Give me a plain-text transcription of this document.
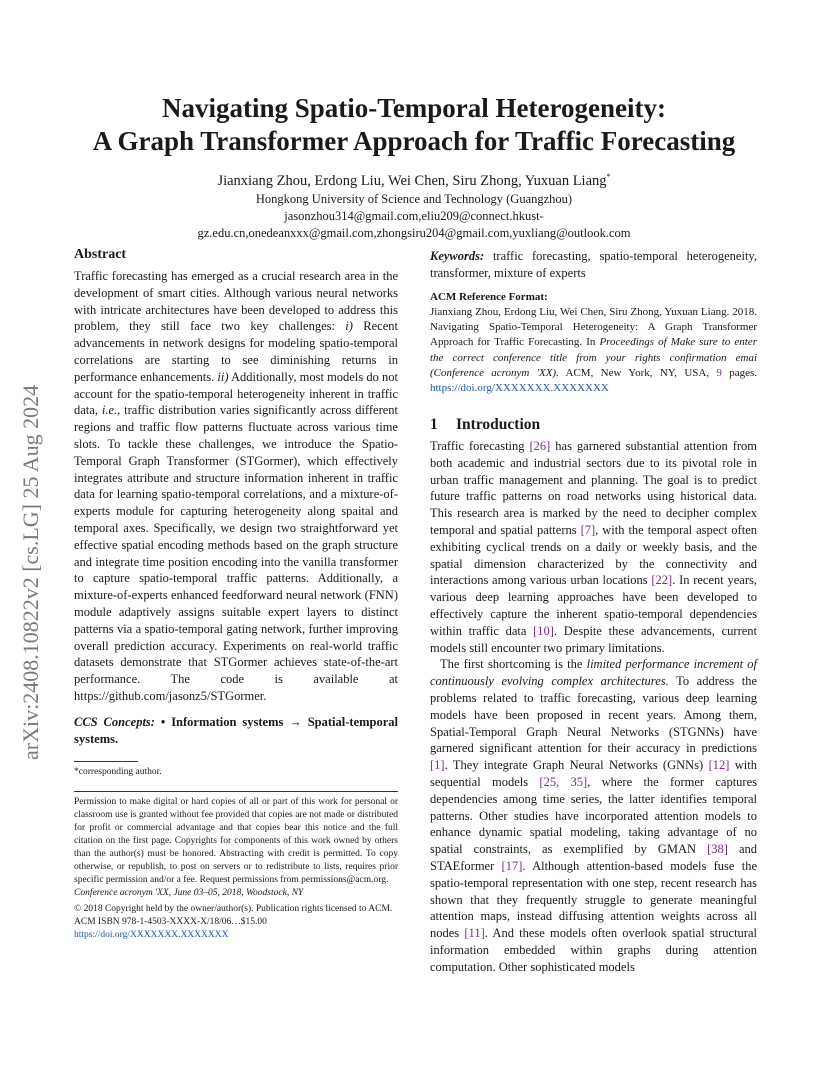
arXiv:2408.10822v2 [cs.LG] 25 Aug 2024
Navigating Spatio-Temporal Heterogeneity:
A Graph Transformer Approach for Traffic Forecasting
Jianxiang Zhou, Erdong Liu, Wei Chen, Siru Zhong, Yuxuan Liang*
Hongkong University of Science and Technology (Guangzhou)
jasonzhou314@gmail.com,eliu209@connect.hkust-
gz.edu.cn,onedeanxxx@gmail.com,zhongsiru204@gmail.com,yuxliang@outlook.com
Abstract
Traffic forecasting has emerged as a crucial research area in the development of smart cities. Although various neural networks with intricate architectures have been developed to address this problem, they still face two key challenges: i) Recent advancements in network designs for modeling spatio-temporal correlations are starting to see diminishing returns in performance enhancements. ii) Additionally, most models do not account for the spatio-temporal heterogeneity inherent in traffic data, i.e., traffic distribution varies significantly across different regions and traffic flow patterns fluctuate across various time slots. To tackle these challenges, we introduce the Spatio-Temporal Graph Transformer (STGormer), which effectively integrates attribute and structure information inherent in traffic data for learning spatio-temporal correlations, and a mixture-of-experts module for capturing heterogeneity along spaital and temporal axes. Specifically, we design two straightforward yet effective spatial encoding methods based on the graph structure and integrate time position encoding into the vanilla transformer to capture spatio-temporal traffic patterns. Additionally, a mixture-of-experts enhanced feedforward neural network (FNN) module adaptively assigns suitable expert layers to distinct patterns via a spatio-temporal gating network, further improving overall prediction accuracy. Experiments on real-world traffic datasets demonstrate that STGormer achieves state-of-the-art performance. The code is available at https://github.com/jasonz5/STGormer.
CCS Concepts: • Information systems → Spatial-temporal systems.
*corresponding author.
Permission to make digital or hard copies of all or part of this work for personal or classroom use is granted without fee provided that copies are not made or distributed for profit or commercial advantage and that copies bear this notice and the full citation on the first page. Copyrights for components of this work owned by others than the author(s) must be honored. Abstracting with credit is permitted. To copy otherwise, or republish, to post on servers or to redistribute to lists, requires prior specific permission and/or a fee. Request permissions from permissions@acm.org.
Conference acronym 'XX, June 03–05, 2018, Woodstock, NY
© 2018 Copyright held by the owner/author(s). Publication rights licensed to ACM.
ACM ISBN 978-1-4503-XXXX-X/18/06…$15.00
https://doi.org/XXXXXXX.XXXXXXX
Keywords: traffic forecasting, spatio-temporal heterogeneity, transformer, mixture of experts
ACM Reference Format:
Jianxiang Zhou, Erdong Liu, Wei Chen, Siru Zhong, Yuxuan Liang. 2018. Navigating Spatio-Temporal Heterogeneity: A Graph Transformer Approach for Traffic Forecasting. In Proceedings of Make sure to enter the correct conference title from your rights confirmation emai (Conference acronym 'XX). ACM, New York, NY, USA, 9 pages. https://doi.org/XXXXXXX.XXXXXXX
1 Introduction

Traffic forecasting [26] has garnered substantial attention from both academic and industrial sectors due to its pivotal role in urban traffic management and planning. The goal is to predict future traffic patterns on road networks using historical data. This research area is marked by the need to decipher complex temporal and spatial patterns [7], with the temporal aspect often exhibiting cyclical trends on a daily or weekly basis, and the spatial dimension characterized by the connectivity and interactions among various urban locations [22]. In recent years, various deep learning approaches have been developed to effectively capture the inherent spatio-temporal dependencies within traffic data [10]. Despite these advancements, current models still encounter two primary limitations.

The first shortcoming is the limited performance increment of continuously evolving complex architectures. To address the problems related to traffic forecasting, various deep learning models have been proposed in recent years. Among them, Spatial-Temporal Graph Neural Networks (STGNNs) have garnered significant attention for their accuracy in predictions [1]. They integrate Graph Neural Networks (GNNs) [12] with sequential models [25, 35], where the former captures dependencies among time series, the latter identifies temporal patterns. Other studies have incorporated attention models to enhance dynamic spatial modeling, taking advantage of no spatial constraints, as exemplified by GMAN [38] and STAEformer [17]. Although attention-based models fuse the spatio-temporal representation with one step, recent research has shown that they frequently struggle to generate meaningful attention maps, instead diffusing attention weights across all nodes [11]. And these models often overlook spatial structural information embedded within graphs during attention computation. Other sophisticated models
